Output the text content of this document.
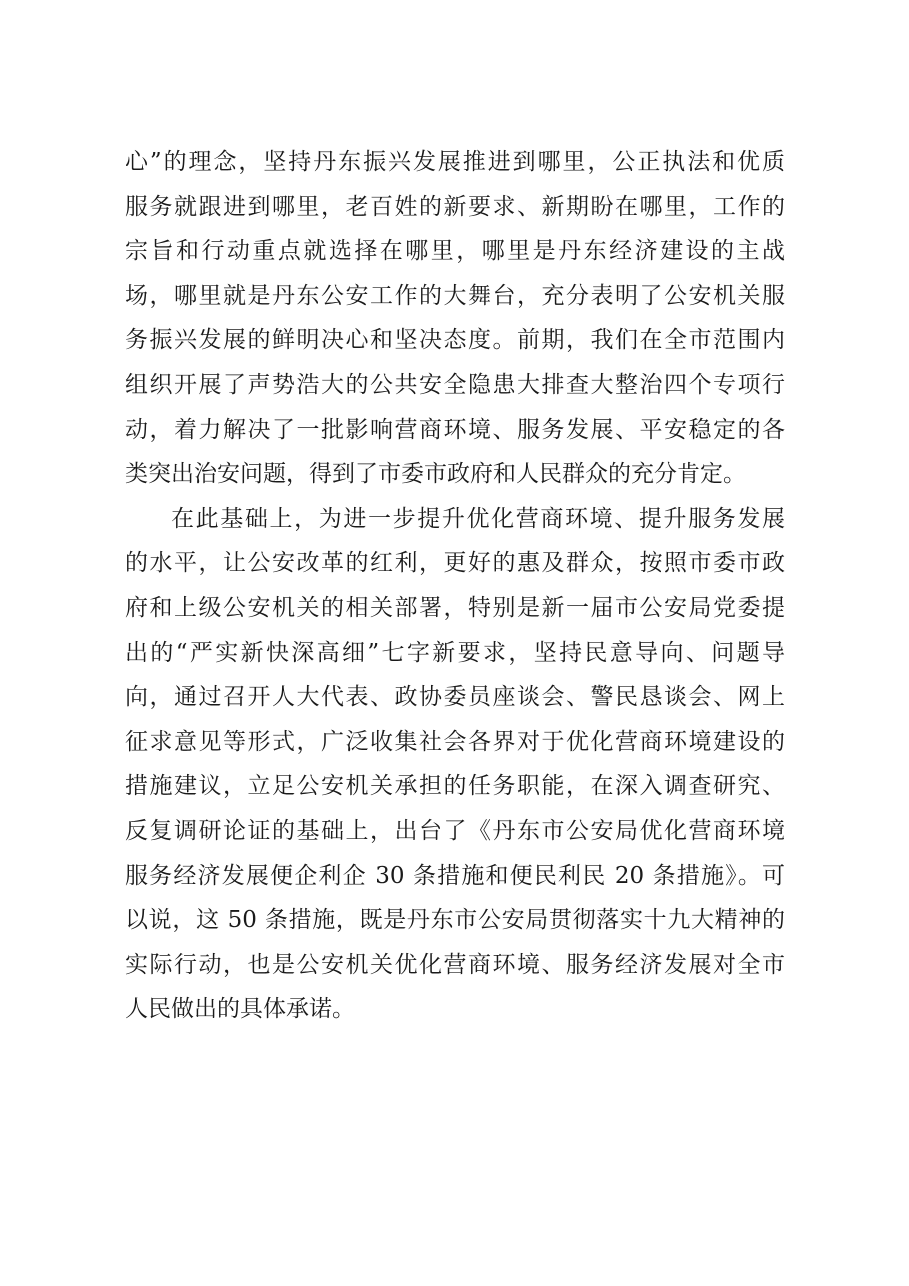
心”的理念，坚持丹东振兴发展推进到哪里，公正执法和优质
服务就跟进到哪里，老百姓的新要求、新期盼在哪里，工作的
宗旨和行动重点就选择在哪里，哪里是丹东经济建设的主战
场，哪里就是丹东公安工作的大舞台，充分表明了公安机关服
务振兴发展的鲜明决心和坚决态度。前期，我们在全市范围内
组织开展了声势浩大的公共安全隐患大排查大整治四个专项行
动，着力解决了一批影响营商环境、服务发展、平安稳定的各
类突出治安问题，得到了市委市政府和人民群众的充分肯定。
在此基础上，为进一步提升优化营商环境、提升服务发展
的水平，让公安改革的红利，更好的惠及群众，按照市委市政
府和上级公安机关的相关部署，特别是新一届市公安局党委提
出的“严实新快深高细”七字新要求，坚持民意导向、问题导
向，通过召开人大代表、政协委员座谈会、警民恳谈会、网上
征求意见等形式，广泛收集社会各界对于优化营商环境建设的
措施建议，立足公安机关承担的任务职能，在深入调查研究、
反复调研论证的基础上，出台了《丹东市公安局优化营商环境
服务经济发展便企利企 30 条措施和便民利民 20 条措施》。可
以说，这 50 条措施，既是丹东市公安局贯彻落实十九大精神的
实际行动，也是公安机关优化营商环境、服务经济发展对全市
人民做出的具体承诺。
